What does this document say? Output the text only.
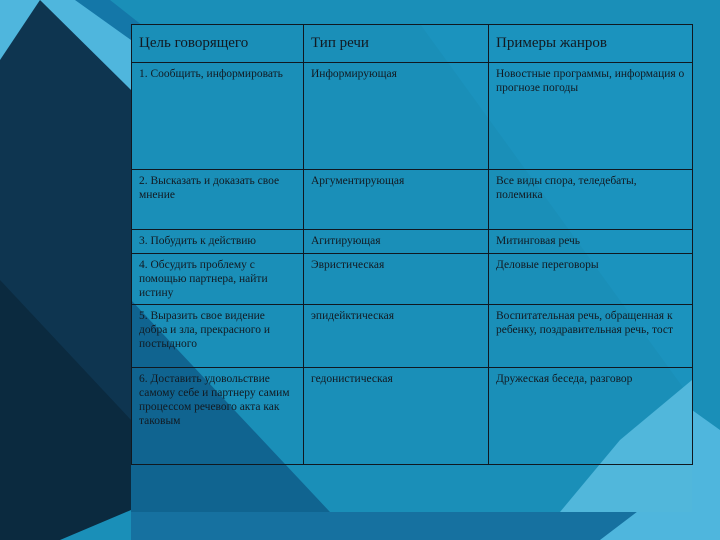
Цель говорящего	Тип речи	Примеры жанров
1. Сообщить, информировать	Информирующая	Новостные программы, информация о прогнозе погоды
2. Высказать и доказать свое мнение	Аргументирующая	Все виды спора, теледебаты, полемика
3. Побудить к действию	Агитирующая	Митинговая речь
4. Обсудить проблему с помощью партнера, найти истину	Эвристическая	Деловые переговоры
5. Выразить свое видение добра и зла, прекрасного и постыдного	эпидейктическая	Воспитательная речь, обращенная к ребенку, поздравительная речь, тост
6. Доставить удовольствие самому себе и партнеру самим процессом речевого акта как таковым	гедонистическая	Дружеская беседа, разговор
